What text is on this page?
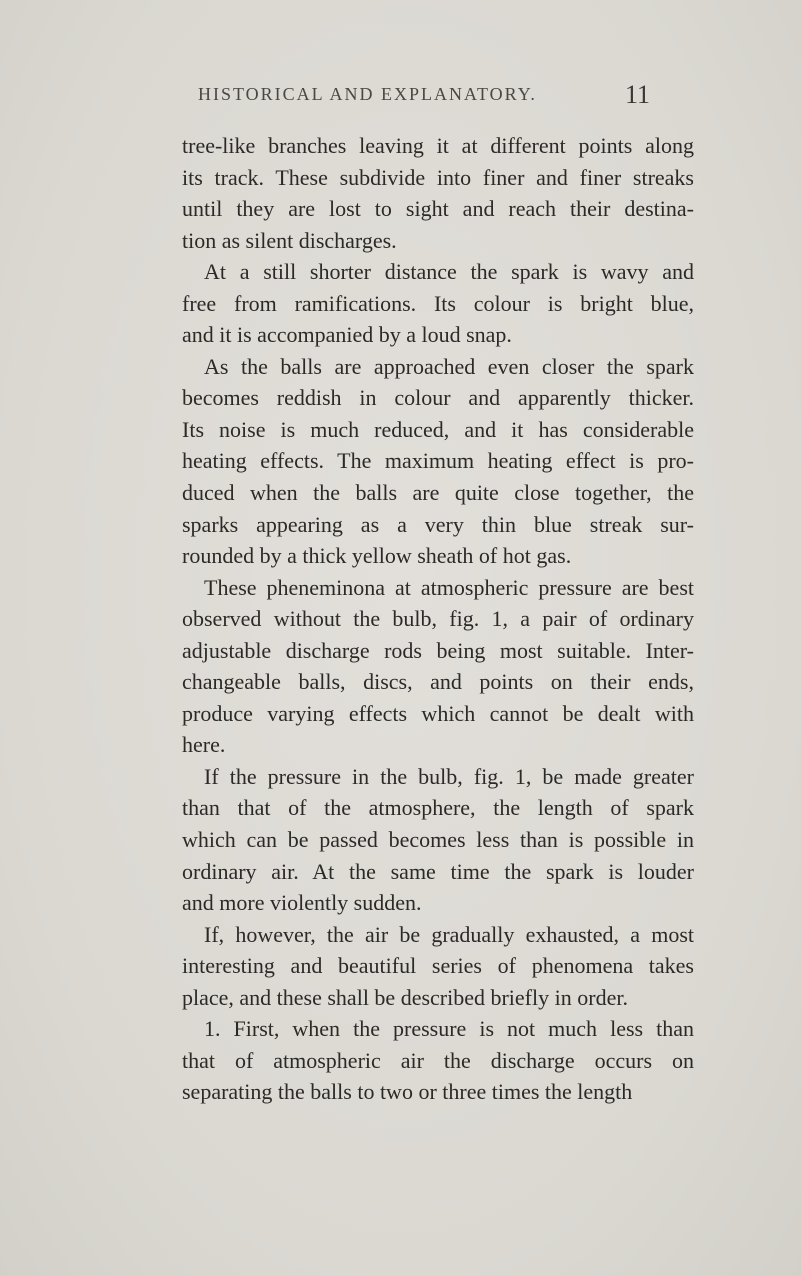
HISTORICAL AND EXPLANATORY.	11
tree-like branches leaving it at different points along
its track. These subdivide into finer and finer streaks
until they are lost to sight and reach their destina-
tion as silent discharges.
At a still shorter distance the spark is wavy and
free from ramifications. Its colour is bright blue,
and it is accompanied by a loud snap.
As the balls are approached even closer the spark
becomes reddish in colour and apparently thicker.
Its noise is much reduced, and it has considerable
heating effects. The maximum heating effect is pro-
duced when the balls are quite close together, the
sparks appearing as a very thin blue streak sur-
rounded by a thick yellow sheath of hot gas.
These pheneminona at atmospheric pressure are best
observed without the bulb, fig. 1, a pair of ordinary
adjustable discharge rods being most suitable. Inter-
changeable balls, discs, and points on their ends,
produce varying effects which cannot be dealt with
here.
If the pressure in the bulb, fig. 1, be made greater
than that of the atmosphere, the length of spark
which can be passed becomes less than is possible in
ordinary air. At the same time the spark is louder
and more violently sudden.
If, however, the air be gradually exhausted, a most
interesting and beautiful series of phenomena takes
place, and these shall be described briefly in order.
1. First, when the pressure is not much less than
that of atmospheric air the discharge occurs on
separating the balls to two or three times the length
